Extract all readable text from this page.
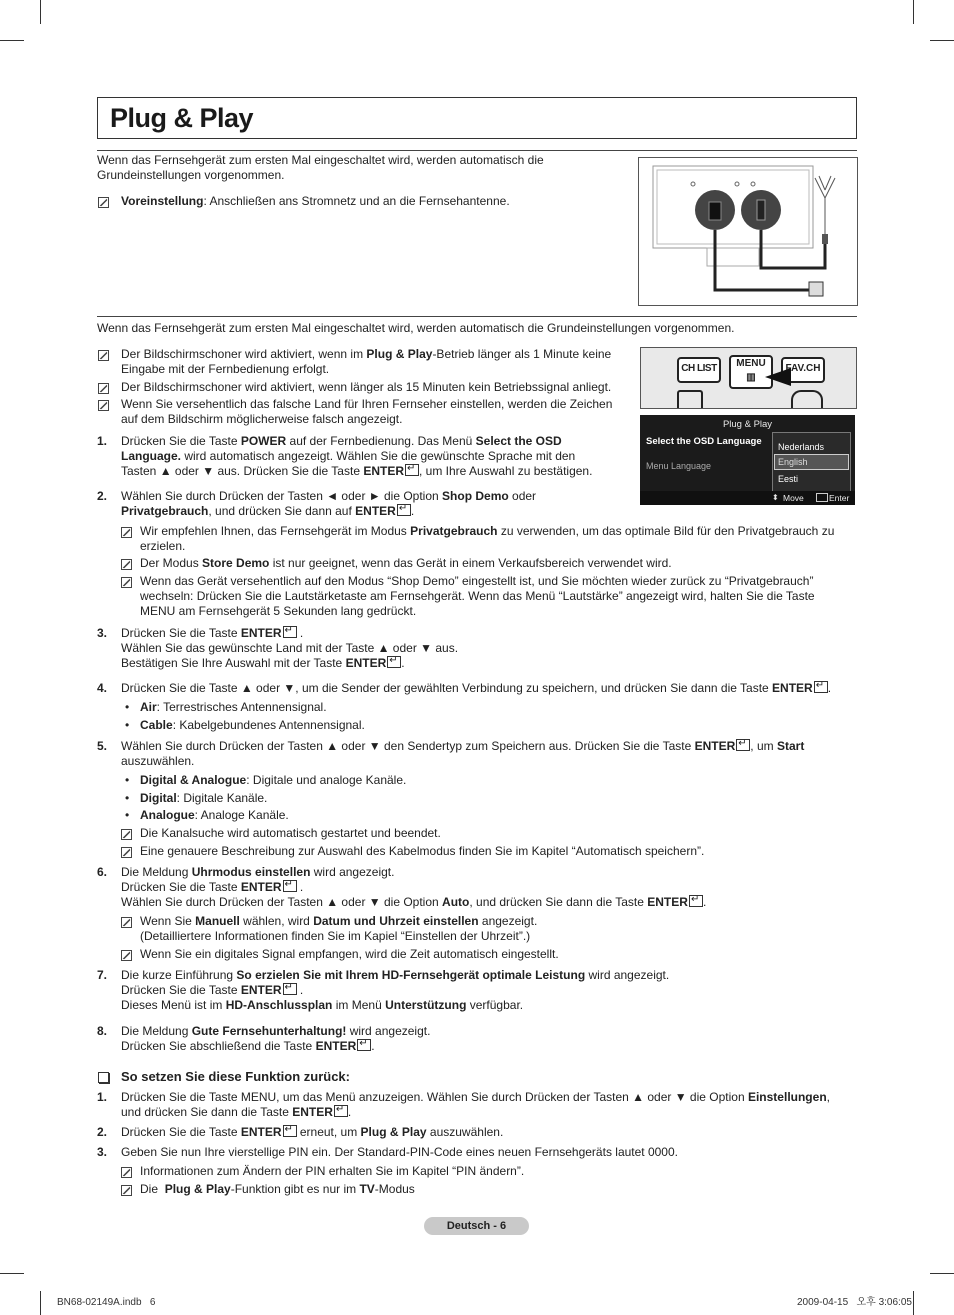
Plug & Play
Wenn das Fernsehgerät zum ersten Mal eingeschaltet wird, werden automatisch die
Grundeinstellungen vorgenommen.
Voreinstellung: Anschließen ans Stromnetz und an die Fernsehantenne.
Wenn das Fernsehgerät zum ersten Mal eingeschaltet wird, werden automatisch die Grundeinstellungen vorgenommen.
Der Bildschirmschoner wird aktiviert, wenn im Plug & Play-Betrieb länger als 1 Minute keine
Eingabe mit der Fernbedienung erfolgt.
Der Bildschirmschoner wird aktiviert, wenn länger als 15 Minuten kein Betriebssignal anliegt.
Wenn Sie versehentlich das falsche Land für Ihren Fernseher einstellen, werden die Zeichen
auf dem Bildschirm möglicherweise falsch angezeigt.
CH LIST	MENU
▥
FAV.CH
Plug & Play
Select the OSD Language
Menu Language
Nederlands
English
Eesti
⬍ Move	Enter
1. Drücken Sie die Taste POWER auf der Fernbedienung. Das Menü Select the OSD
Language. wird automatisch angezeigt. Wählen Sie die gewünschte Sprache mit den
Tasten ▲ oder ▼ aus. Drücken Sie die Taste ENTER ↵ , um Ihre Auswahl zu bestätigen.
2. Wählen Sie durch Drücken der Tasten ◄ oder ► die Option Shop Demo oder
Privatgebrauch, und drücken Sie dann auf ENTER ↵ .
Wir empfehlen Ihnen, das Fernsehgerät im Modus Privatgebrauch zu verwenden, um das optimale Bild für den Privatgebrauch zu
erzielen.
Der Modus Store Demo ist nur geeignet, wenn das Gerät in einem Verkaufsbereich verwendet wird.
Wenn das Gerät versehentlich auf den Modus “Shop Demo” eingestellt ist, und Sie möchten wieder zurück zu “Privatgebrauch”
wechseln: Drücken Sie die Lautstärketaste am Fernsehgerät. Wenn das Menü “Lautstärke” angezeigt wird, halten Sie die Taste
MENU am Fernsehgerät 5 Sekunden lang gedrückt.
3. Drücken Sie die Taste ENTER↵ .
Wählen Sie das gewünschte Land mit der Taste ▲ oder ▼ aus.
Bestätigen Sie Ihre Auswahl mit der Taste ENTER ↵ .
4. Drücken Sie die Taste ▲ oder ▼, um die Sender der gewählten Verbindung zu speichern, und drücken Sie dann die Taste ENTER ↵ .
• Air: Terrestrisches Antennensignal.
• Cable: Kabelgebundenes Antennensignal.
5. Wählen Sie durch Drücken der Tasten ▲ oder ▼ den Sendertyp zum Speichern aus. Drücken Sie die Taste ENTER ↵ , um Start
auszuwählen.
• Digital & Analogue: Digitale und analoge Kanäle.
• Digital: Digitale Kanäle.
• Analogue: Analoge Kanäle.
Die Kanalsuche wird automatisch gestartet und beendet.
Eine genauere Beschreibung zur Auswahl des Kabelmodus finden Sie im Kapitel “Automatisch speichern”.
6. Die Meldung Uhrmodus einstellen wird angezeigt.
Drücken Sie die Taste ENTER↵ .
Wählen Sie durch Drücken der Tasten ▲ oder ▼ die Option Auto, und drücken Sie dann die Taste ENTER ↵ .
Wenn Sie Manuell wählen, wird Datum und Uhrzeit einstellen angezeigt.
(Detailliertere Informationen finden Sie im Kapiel “Einstellen der Uhrzeit”.)
Wenn Sie ein digitales Signal empfangen, wird die Zeit automatisch eingestellt.
7. Die kurze Einführung So erzielen Sie mit Ihrem HD-Fernsehgerät optimale Leistung wird angezeigt.
Drücken Sie die Taste ENTER↵ .
Dieses Menü ist im HD-Anschlussplan im Menü Unterstützung verfügbar.
8. Die Meldung Gute Fernsehunterhaltung! wird angezeigt.
Drücken Sie abschließend die Taste ENTER ↵ .
So setzen Sie diese Funktion zurück:
1. Drücken Sie die Taste MENU, um das Menü anzuzeigen. Wählen Sie durch Drücken der Tasten ▲ oder ▼ die Option Einstellungen,
und drücken Sie dann die Taste ENTER ↵ .
2. Drücken Sie die Taste ENTER↵ erneut, um Plug & Play auszuwählen.
3. Geben Sie nun Ihre vierstellige PIN ein. Der Standard-PIN-Code eines neuen Fernsehgeräts lautet 0000.
Informationen zum Ändern der PIN erhalten Sie im Kapitel “PIN ändern”.
Die  Plug & Play-Funktion gibt es nur im TV-Modus
Deutsch - 6
BN68-02149A.indb   6	2009-04-15   오후 3:06:05
